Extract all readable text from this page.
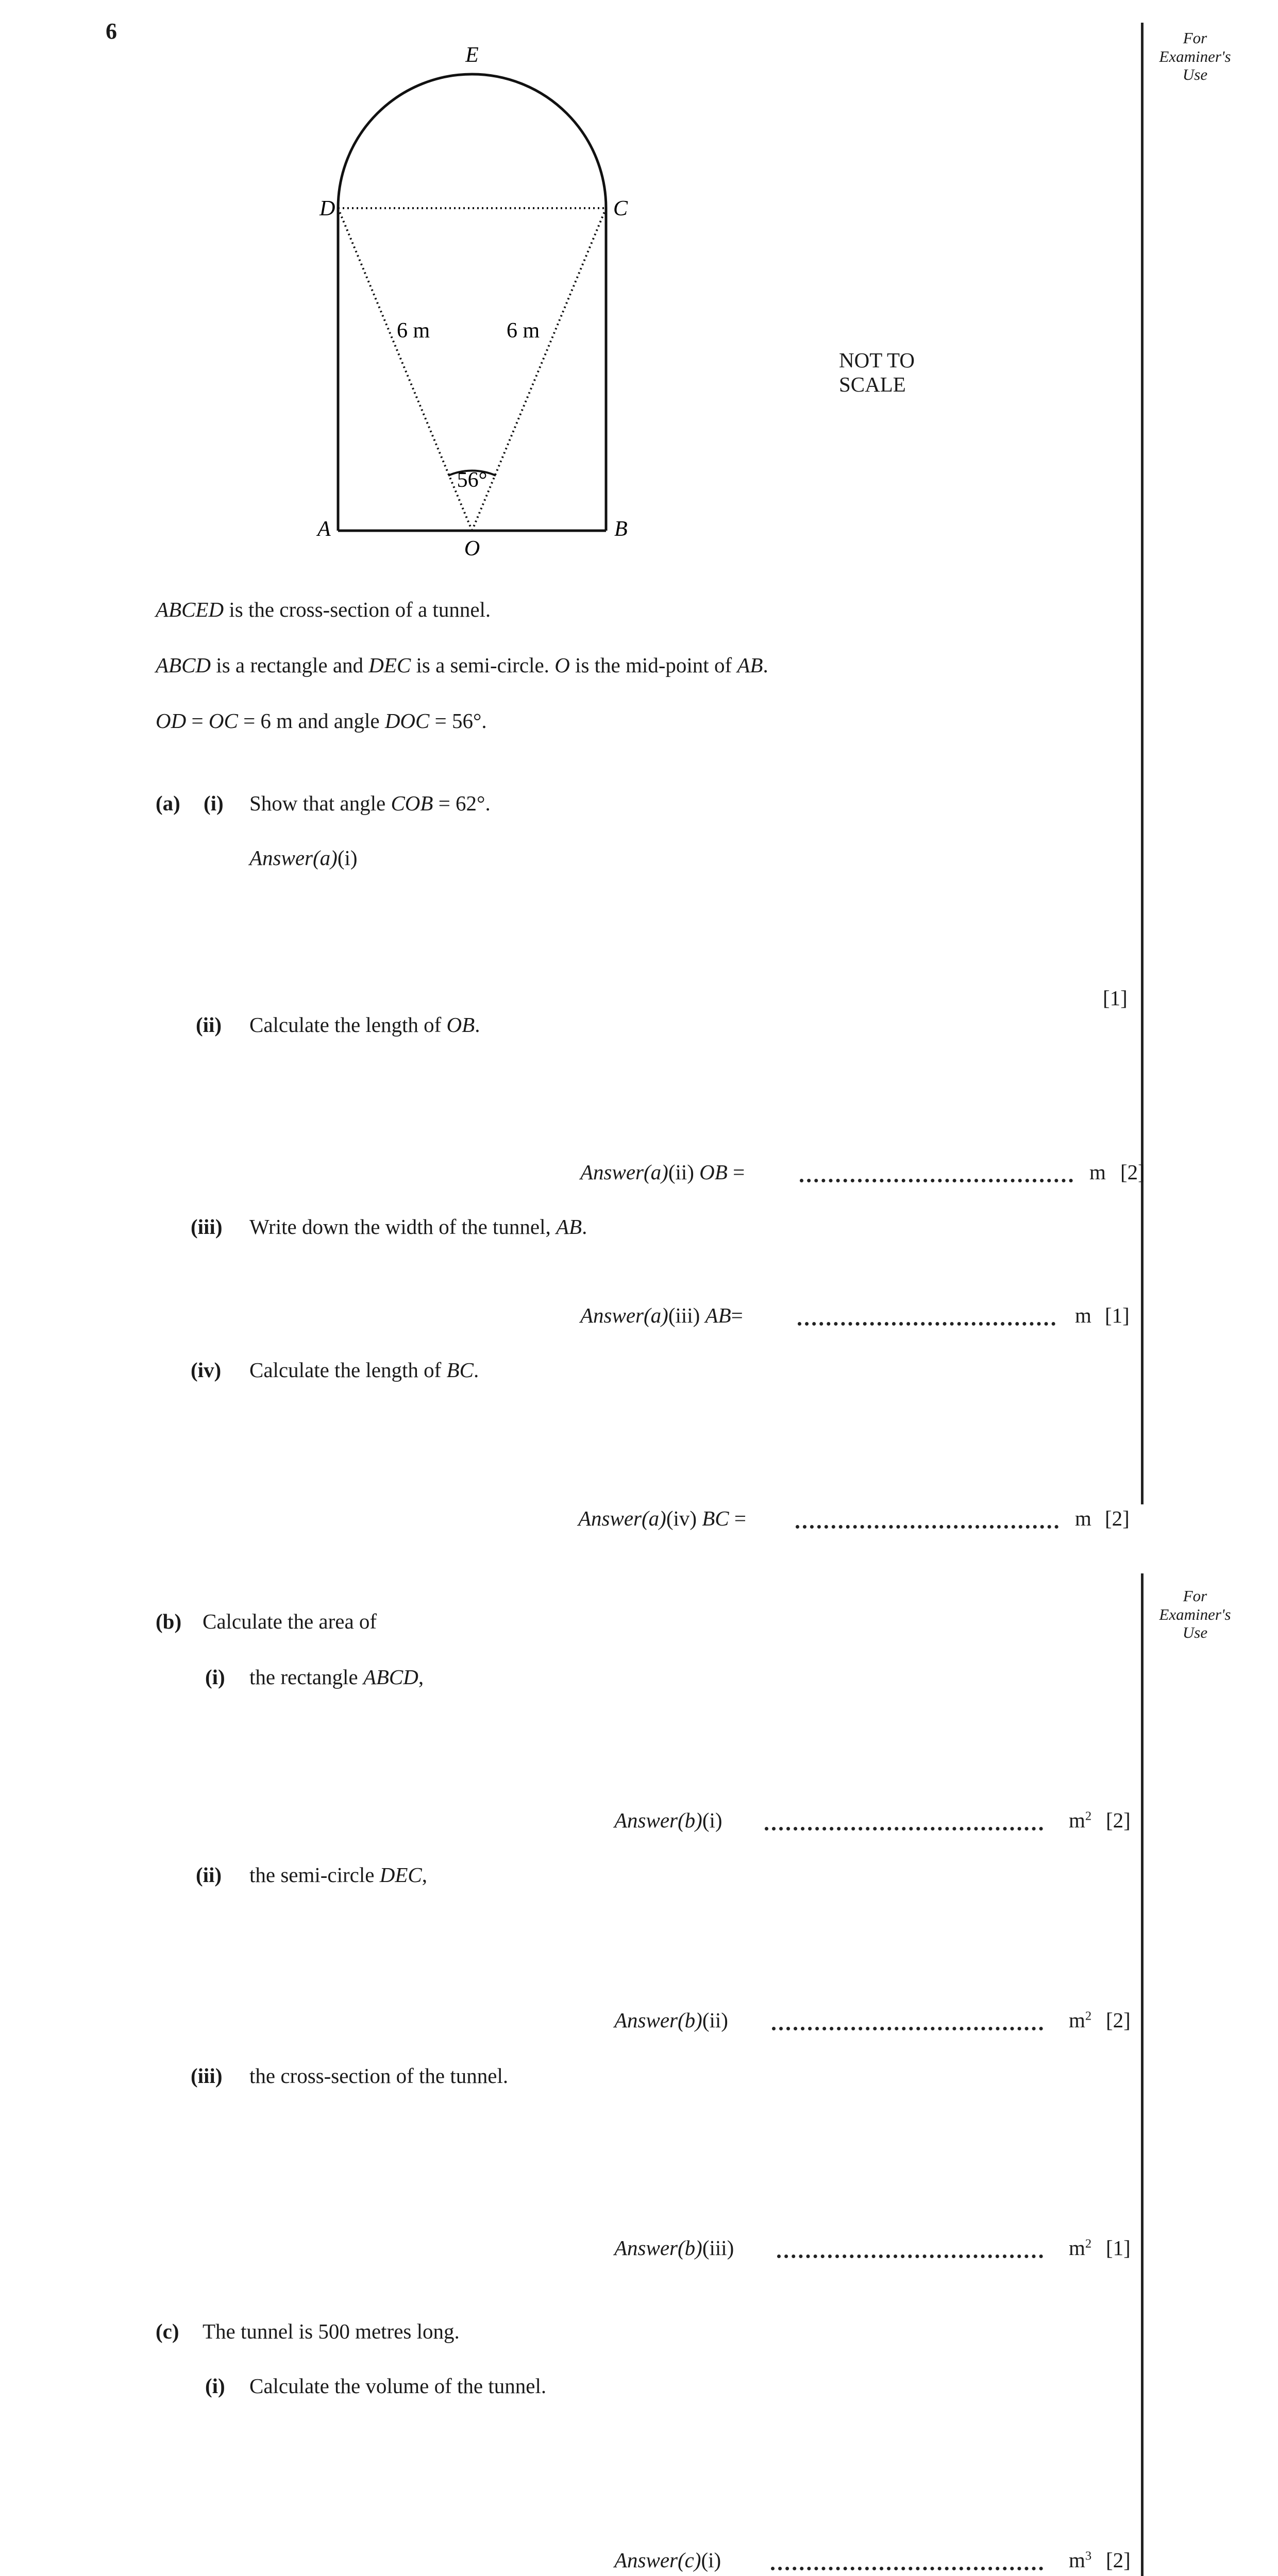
6	For
Examiner's
Use
For
Examiner's
Use
E
D	C
A
O
B
6 m	6 m
56°
NOT TO
SCALE
ABCED is the cross-section of a tunnel.
ABCD is a rectangle and DEC is a semi-circle. O is the mid-point of AB.
OD = OC = 6 m and angle DOC = 56°.
(a) (i) Show that angle COB = 62°.
Answer(a)(i)
[1]
(ii) Calculate the length of OB.
Answer(a)(ii) OB =	m [2]
(iii) Write down the width of the tunnel, AB.
Answer(a)(iii) AB=	m [1]
(iv) Calculate the length of BC.
Answer(a)(iv) BC =	m [2]
(b) Calculate the area of
(i) the rectangle ABCD,
Answer(b)(i)	$m^2$ [2]
(ii) the semi-circle DEC,
Answer(b)(ii)	$m^2$ [2]
(iii) the cross-section of the tunnel.
Answer(b)(iii)	$m^2$ [1]
(c) The tunnel is 500 metres long.
(i) Calculate the volume of the tunnel.
Answer(c)(i)	$m^3$ [2]
